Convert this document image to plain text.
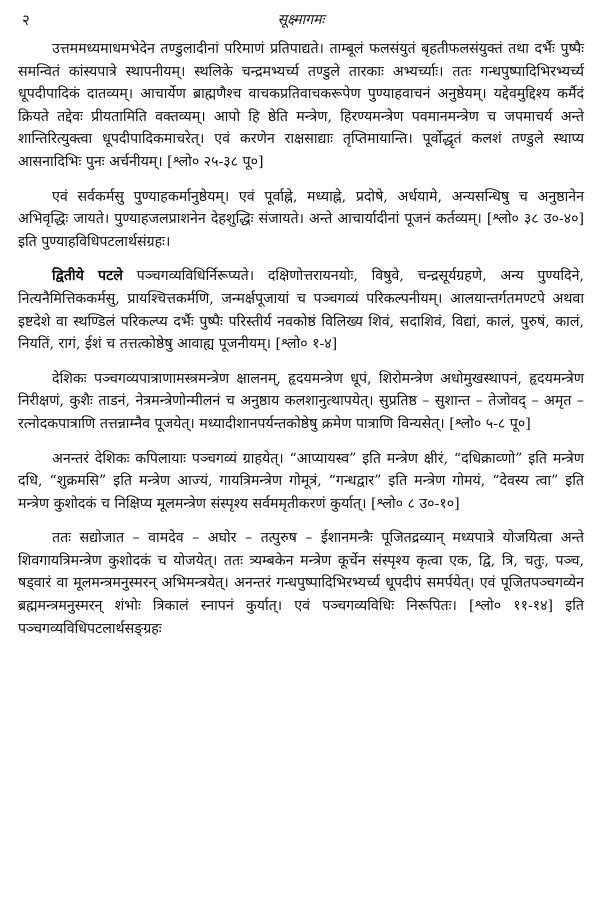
२	सूक्ष्मागमः

उत्तममध्यमाधमभेदेन तण्डुलादीनां परिमाणं प्रतिपाद्यते। ताम्बूलं फलसंयुतं बृहतीफलसंयुक्तं तथा दर्भैः पुष्पैः समन्वितं कांस्यपात्रे स्थापनीयम्। स्थलिके चन्द्रमभ्यर्च्य तण्डुले तारकाः अभ्यर्च्याः। ततः गन्धपुष्पादिभिरभ्यर्च्य धूपदीपादिकं दातव्यम्। आचार्येण ब्राह्मणैश्च वाचकप्रतिवाचकरूपेण पुण्याहवाचनं अनुष्ठेयम्। यद्देवमुद्दिश्य कर्मैदं क्रियते तद्देवः प्रीयतामिति वक्तव्यम्। आपो हि ष्ठेति मन्त्रेण, हिरण्यमन्त्रेण पवमानमन्त्रेण च जपमाचर्य अन्ते शान्तिरित्युक्त्वा धूपदीपादिकमाचरेत्। एवं करणेन राक्षसाद्याः तृप्तिमायान्ति। पूर्वोद्धृतं कलशं तण्डुले स्थाप्य आसनादिभिः पुनः अर्चनीयम्। [श्लो० २५-३८ पू०]

एवं सर्वकर्मसु पुण्याहकर्मानुष्ठेयम्। एवं पूर्वाह्ने, मध्याह्ने, प्रदोषे, अर्धयामे, अन्यसन्धिषु च अनुष्ठानेन अभिवृद्धिः जायते। पुण्याहजलप्राशनेन देहशुद्धिः संजायते। अन्ते आचार्यादीनां पूजनं कर्तव्यम्। [श्लो० ३८ उ०-४०] इति पुण्याहविधिपटलार्थसंग्रहः।

द्वितीये पटले पञ्चगव्यविधिर्निरूप्यते। दक्षिणोत्तरायनयोः, विषुवे, चन्द्रसूर्यग्रहणे, अन्य पुण्यदिने, नित्यनैमित्तिककर्मसु, प्रायश्चित्तकर्मणि, जन्मर्क्षपूजायां च पञ्चगव्यं परिकल्पनीयम्। आलयान्तर्गतमण्टपे अथवा इष्टदेशे वा स्थण्डिलं परिकल्प्य दर्भैः पुष्पैः परिस्तीर्य नवकोष्ठं विलिख्य शिवं, सदाशिवं, विद्यां, कालं, पुरुषं, कालं, नियतिं, रागं, ईशं च तत्तत्कोष्ठेषु आवाह्य पूजनीयम्। [श्लो० १-४]

देशिकः पञ्चगव्यपात्राणामस्त्रमन्त्रेण क्षालनम्, हृदयमन्त्रेण धूपं, शिरोमन्त्रेण अधोमुखस्थापनं, हृदयमन्त्रेण निरीक्षणं, कुशैः ताडनं, नेत्रमन्त्रेणोन्मीलनं च अनुष्ठाय कलशानुत्थापयेत्। सुप्रतिष्ठ – सुशान्त – तेजोवद् – अमृत – रत्नोदकपात्राणि तत्तन्नाम्नैव पूजयेत्। मध्यादीशानपर्यन्तकोष्ठेषु क्रमेण पात्राणि विन्यसेत्। [श्लो० ५-८ पू०]

अनन्तरं देशिकः कपिलायाः पञ्चगव्यं ग्राहयेत्। “आप्यायस्व” इति मन्त्रेण क्षीरं, “दधिक्राव्णो” इति मन्त्रेण दधि, “शुक्रमसि” इति मन्त्रेण आज्यं, गायत्रिमन्त्रेण गोमूत्रं, “गन्धद्वार” इति मन्त्रेण गोमयं, “देवस्य त्वा” इति मन्त्रेण कुशोदकं च निक्षिप्य मूलमन्त्रेण संस्पृश्य सर्वममृतीकरणं कुर्यात्। [श्लो० ८ उ०-१०]

ततः सद्योजात – वामदेव – अघोर – तत्पुरुष – ईशानमन्त्रैः पूजितद्रव्यान् मध्यपात्रे योजयित्वा अन्ते शिवगायत्रिमन्त्रेण कुशोदकं च योजयेत्। ततः त्र्यम्बकेन मन्त्रेण कूर्चेन संस्पृश्य कृत्वा एक, द्वि, त्रि, चतुः, पञ्च, षड्वारं वा मूलमन्त्रमनुस्मरन् अभिमन्त्रयेत्। अनन्तरं गन्धपुष्पादिभिरभ्यर्च्य धूपदीपं समर्पयेत्। एवं पूजितपञ्चगव्येन ब्रह्ममन्त्रमनुस्मरन् शंभोः त्रिकालं स्नापनं कुर्यात्। एवं पञ्चगव्यविधिः निरूपितः। [श्लो० ११-१४] इति पञ्चगव्यविधिपटलार्थसङ्ग्रहः
